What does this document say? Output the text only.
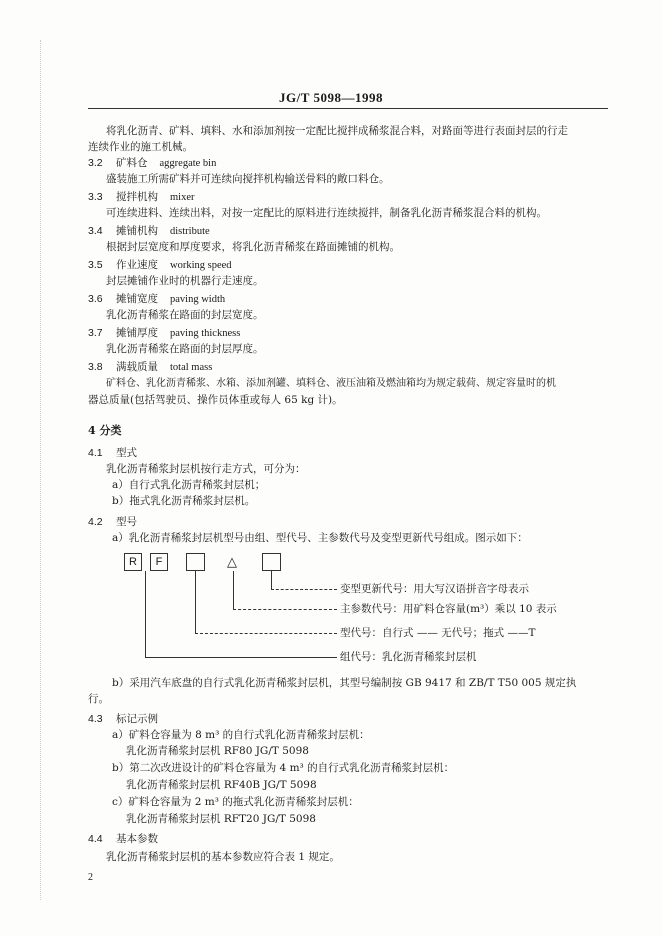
JG/T 5098—1998
将乳化沥青、矿料、填料、水和添加剂按一定配比搅拌成稀浆混合料，对路面等进行表面封层的行走
连续作业的施工机械。
3.2 矿料仓 aggregate bin
盛装施工所需矿料并可连续向搅拌机构输送骨料的敞口料仓。
3.3 搅拌机构 mixer
可连续进料、连续出料，对按一定配比的原料进行连续搅拌，制备乳化沥青稀浆混合料的机构。
3.4 摊铺机构 distribute
根据封层宽度和厚度要求，将乳化沥青稀浆在路面摊铺的机构。
3.5 作业速度 working speed
封层摊铺作业时的机器行走速度。
3.6 摊铺宽度 paving width
乳化沥青稀浆在路面的封层宽度。
3.7 摊铺厚度 paving thickness
乳化沥青稀浆在路面的封层厚度。
3.8 满载质量 total mass
矿料仓、乳化沥青稀浆、水箱、添加剂罐、填料仓、液压油箱及燃油箱均为规定载荷、规定容量时的机
器总质量(包括驾驶员、操作员体重或每人 65 kg 计)。
4 分类
4.1 型式
乳化沥青稀浆封层机按行走方式，可分为：
a）自行式乳化沥青稀浆封层机；
b）拖式乳化沥青稀浆封层机。
4.2 型号
a）乳化沥青稀浆封层机型号由组、型代号、主参数代号及变型更新代号组成。图示如下：
R	F	△
变型更新代号：用大写汉语拼音字母表示
主参数代号：用矿料仓容量(m³）乘以 10 表示
型代号：自行式 —— 无代号；拖式 ——T
组代号：乳化沥青稀浆封层机
b）采用汽车底盘的自行式乳化沥青稀浆封层机，其型号编制按 GB 9417 和 ZB/T T50 005 规定执
行。
4.3 标记示例
a）矿料仓容量为 8 m³ 的自行式乳化沥青稀浆封层机：
乳化沥青稀浆封层机 RF80 JG/T 5098
b）第二次改进设计的矿料仓容量为 4 m³ 的自行式乳化沥青稀浆封层机：
乳化沥青稀浆封层机 RF40B JG/T 5098
c）矿料仓容量为 2 m³ 的拖式乳化沥青稀浆封层机：
乳化沥青稀浆封层机 RFT20 JG/T 5098
4.4 基本参数
乳化沥青稀浆封层机的基本参数应符合表 1 规定。
2
